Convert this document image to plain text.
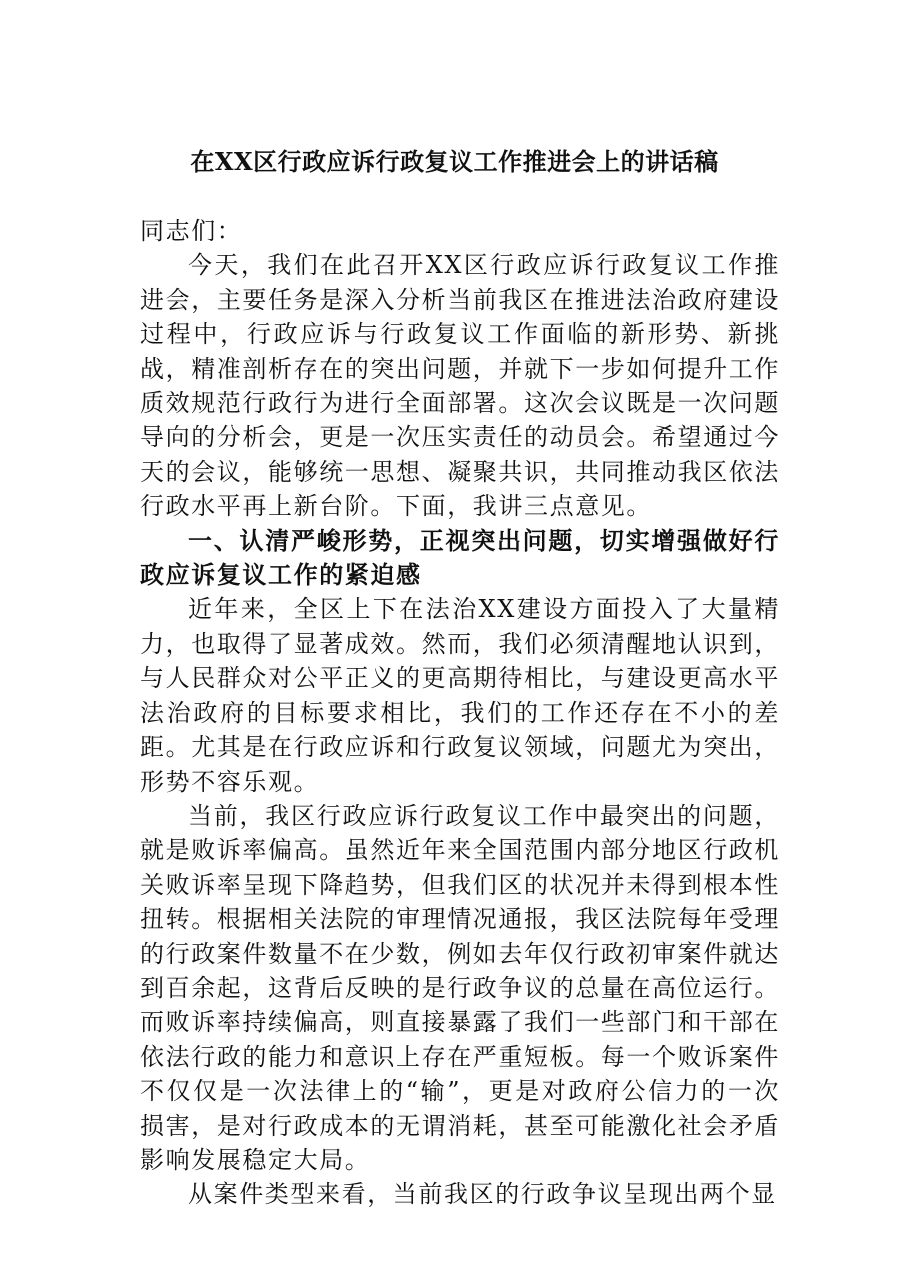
在XX区行政应诉行政复议工作推进会上的讲话稿

同志们：

今天，我们在此召开XX区行政应诉行政复议工作推进会，主要任务是深入分析当前我区在推进法治政府建设过程中，行政应诉与行政复议工作面临的新形势、新挑战，精准剖析存在的突出问题，并就下一步如何提升工作质效规范行政行为进行全面部署。这次会议既是一次问题导向的分析会，更是一次压实责任的动员会。希望通过今天的会议，能够统一思想、凝聚共识，共同推动我区依法行政水平再上新台阶。下面，我讲三点意见。

一、认清严峻形势，正视突出问题，切实增强做好行政应诉复议工作的紧迫感

近年来，全区上下在法治XX建设方面投入了大量精力，也取得了显著成效。然而，我们必须清醒地认识到，与人民群众对公平正义的更高期待相比，与建设更高水平法治政府的目标要求相比，我们的工作还存在不小的差距。尤其是在行政应诉和行政复议领域，问题尤为突出，形势不容乐观。

当前，我区行政应诉行政复议工作中最突出的问题，就是败诉率偏高。虽然近年来全国范围内部分地区行政机关败诉率呈现下降趋势，但我们区的状况并未得到根本性扭转。根据相关法院的审理情况通报，我区法院每年受理的行政案件数量不在少数，例如去年仅行政初审案件就达到百余起，这背后反映的是行政争议的总量在高位运行。而败诉率持续偏高，则直接暴露了我们一些部门和干部在依法行政的能力和意识上存在严重短板。每一个败诉案件不仅仅是一次法律上的“输”，更是对政府公信力的一次损害，是对行政成本的无谓消耗，甚至可能激化社会矛盾影响发展稳定大局。

从案件类型来看，当前我区的行政争议呈现出两个显
